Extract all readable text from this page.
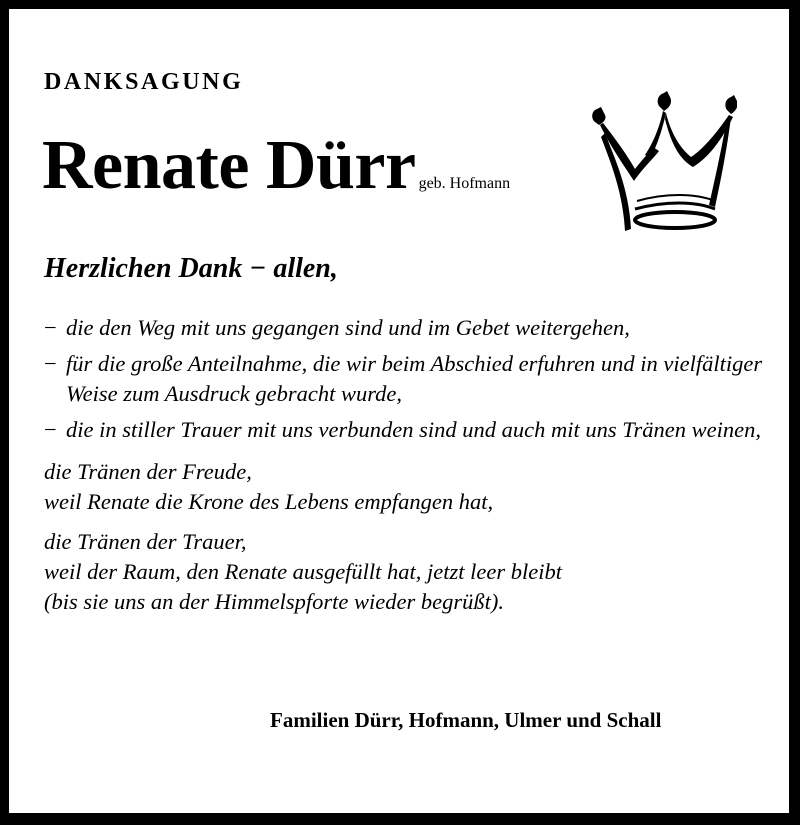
DANKSAGUNG
Renate Dürr geb. Hofmann
Herzlichen Dank − allen,
− die den Weg mit uns gegangen sind und im Gebet weitergehen,
− für die große Anteilnahme, die wir beim Abschied erfuhren und in vielfältiger Weise zum Ausdruck gebracht wurde,
− die in stiller Trauer mit uns verbunden sind und auch mit uns Tränen weinen,
die Tränen der Freude,
weil Renate die Krone des Lebens empfangen hat,
die Tränen der Trauer,
weil der Raum, den Renate ausgefüllt hat, jetzt leer bleibt
(bis sie uns an der Himmelspforte wieder begrüßt).
Familien Dürr, Hofmann, Ulmer und Schall
